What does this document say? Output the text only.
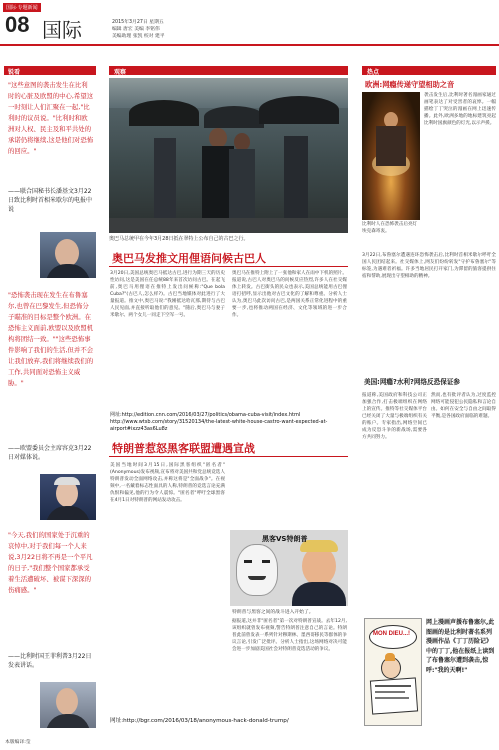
国际·专题新闻
08 国际	2015年3月27日 星期五
编辑 唐宏 美编 李铭伟
美编助理 张凯 校对 建平
锐看	观察	热点
"这些意图的袭击发生在比利时的心脏及欧盟的中心,希望这一时刻让人们汇聚在一起,"比利时的议员说。"比利时和欧洲对人权、民主及和平共处的承诺仍将继续,这是他们对恐怖的回应。"
——联合国秘书长潘基文3月22日致比利时首相米歇尔的电报中说
"恐怖袭击现在发生在布鲁塞尔,也曾在巴黎发生,但恐怖分子瞄准的目标是整个欧洲。在恐怖主义面前,欧盟以及欧盟机构将团结一致。""这些恐怖事件影响了我们的生活,但并不会让我们放弃,我们将继续我们的工作,共同面对恐怖主义威胁。"
——欧盟委员会主席容克3月22日对媒体说。
"今天,我们的国家处于沉重的哀悼中,对于我们每一个人来说,3月22日将不再是一个平凡的日子,"我们整个国家都承受着生活遭破坏、被谋下深深的伤痛感。"
——比利时国王菲利普3月22日发表讲话。
本版编译:莹
奥巴马总统甲在今年3月28日抵在翠特上公布自己的古巴之行。
奥巴马发推文用俚语问候古巴人
3月20日,美国总统奥巴马抵达古巴,进行为期三天的历史性访问,这是美国在任总统88年来首次访问古巴。在起飞前,奥巴马用俚语在推特上发出问候称:"Que bola Cuba?"(古巴人,怎么样?)。古巴当地媒体对此进行了大量报道。推文中,奥巴马说:"我刚抵达哈瓦那,期待与古巴人民见面,并直接听取他们的意见。"随后,奥巴马与妻子米歇尔、两个女儿一同走下空军一号。
奥巴马在推特上附上了一张他和家人在雨中下机的照片。报道说,古巴人对奥巴马的问候反应热烈,许多人在社交媒体上转发。古巴街头的民众也表示,美国总统能用古巴俚语打招呼,显示出他对古巴文化的了解和尊重。分析人士认为,奥巴马此次访问古巴,是两国关系正常化进程中的重要一步,也将推动两国在经济、文化等领域的进一步合作。
网址:http://edition.cnn.com/2016/03/27/politics/obama-cuba-visit/index.html http://www.wtsb.com/story/31520134/the-latest-white-house-castro-want-expected-at-airport#ixzz43as6Lu8z
特朗普惹怒黑客联盟遭遇宣战
美国当地时间3月15日,国际黑客组织"匿名者"(Anonymous)发布视频,宣布将对美国共和党总统竞选人特朗普发动全面网络攻击,并称这将是"全面战争"。在视频中,一名戴着标志性面具的人称,特朗普的竞选言论充满仇恨和偏见,他的行为令人震惊。"匿名者"呼吁全球黑客在4月1日对特朗普的网站发动攻击。
黑客VS特朗普
特朗普与黑客之间的战斗进入开始了。
据报道,这并非"匿名者"第一次对特朗普宣战。去年12月,该组织就曾发布视频,警告特朗普注意自己的言论。特朗普此前曾发表一系列针对穆斯林、墨西哥移民等群体的争议言论,引发广泛批评。分析人士指出,这场网络对决可能会进一步加剧美国社会对特朗普竞选活动的争议。
网址:http://bgr.com/2016/03/18/anonymous-hack-donald-trump/
欧洲:网瘾传递守望相助之音
比利时人在恐怖袭击后亮灯埃克森寄衷。
袭击发生后,比利时著名漫画家通过画笔表达了对受害者的哀悼。一幅描绘丁丁哭泣的漫画在网上迅速传播。此外,欧洲多地的地标建筑亮起比利时国旗颜色的灯光,以示声援。
3月22日,布鲁塞尔遭遇连环恐怖袭击后,比利时首相米歇尔呼吁全国人民团结起来。社交媒体上,网友们纷纷转发"守护布鲁塞尔"等标签,为遇难者祈福。许多当地居民打开家门,为滞留的旅客提供住宿和帮助,展现出守望相助的精神。
美国:网瘾?水利?网络反恐保证参
报道称,美国政府和科技公司正加强合作,打击极端组织在网络上的宣传。推特等社交媒体平台已经关闭了大量与极端组织有关的账户。专家指出,网络空间已成为反恐斗争的新战场,需要各方共同努力。
然而,也有批评者认为,过度监控网络可能侵犯公民隐私和言论自由。如何在安全与自由之间取得平衡,是各国政府面临的难题。
MON DIEU...!
网上漫画声援布鲁塞尔,此图画的是比利时著名系列漫画作品《丁丁历险记》中的丁丁,他在报纸上读到了布鲁塞尔遭到袭击,惊呼:"我的天啊!"
